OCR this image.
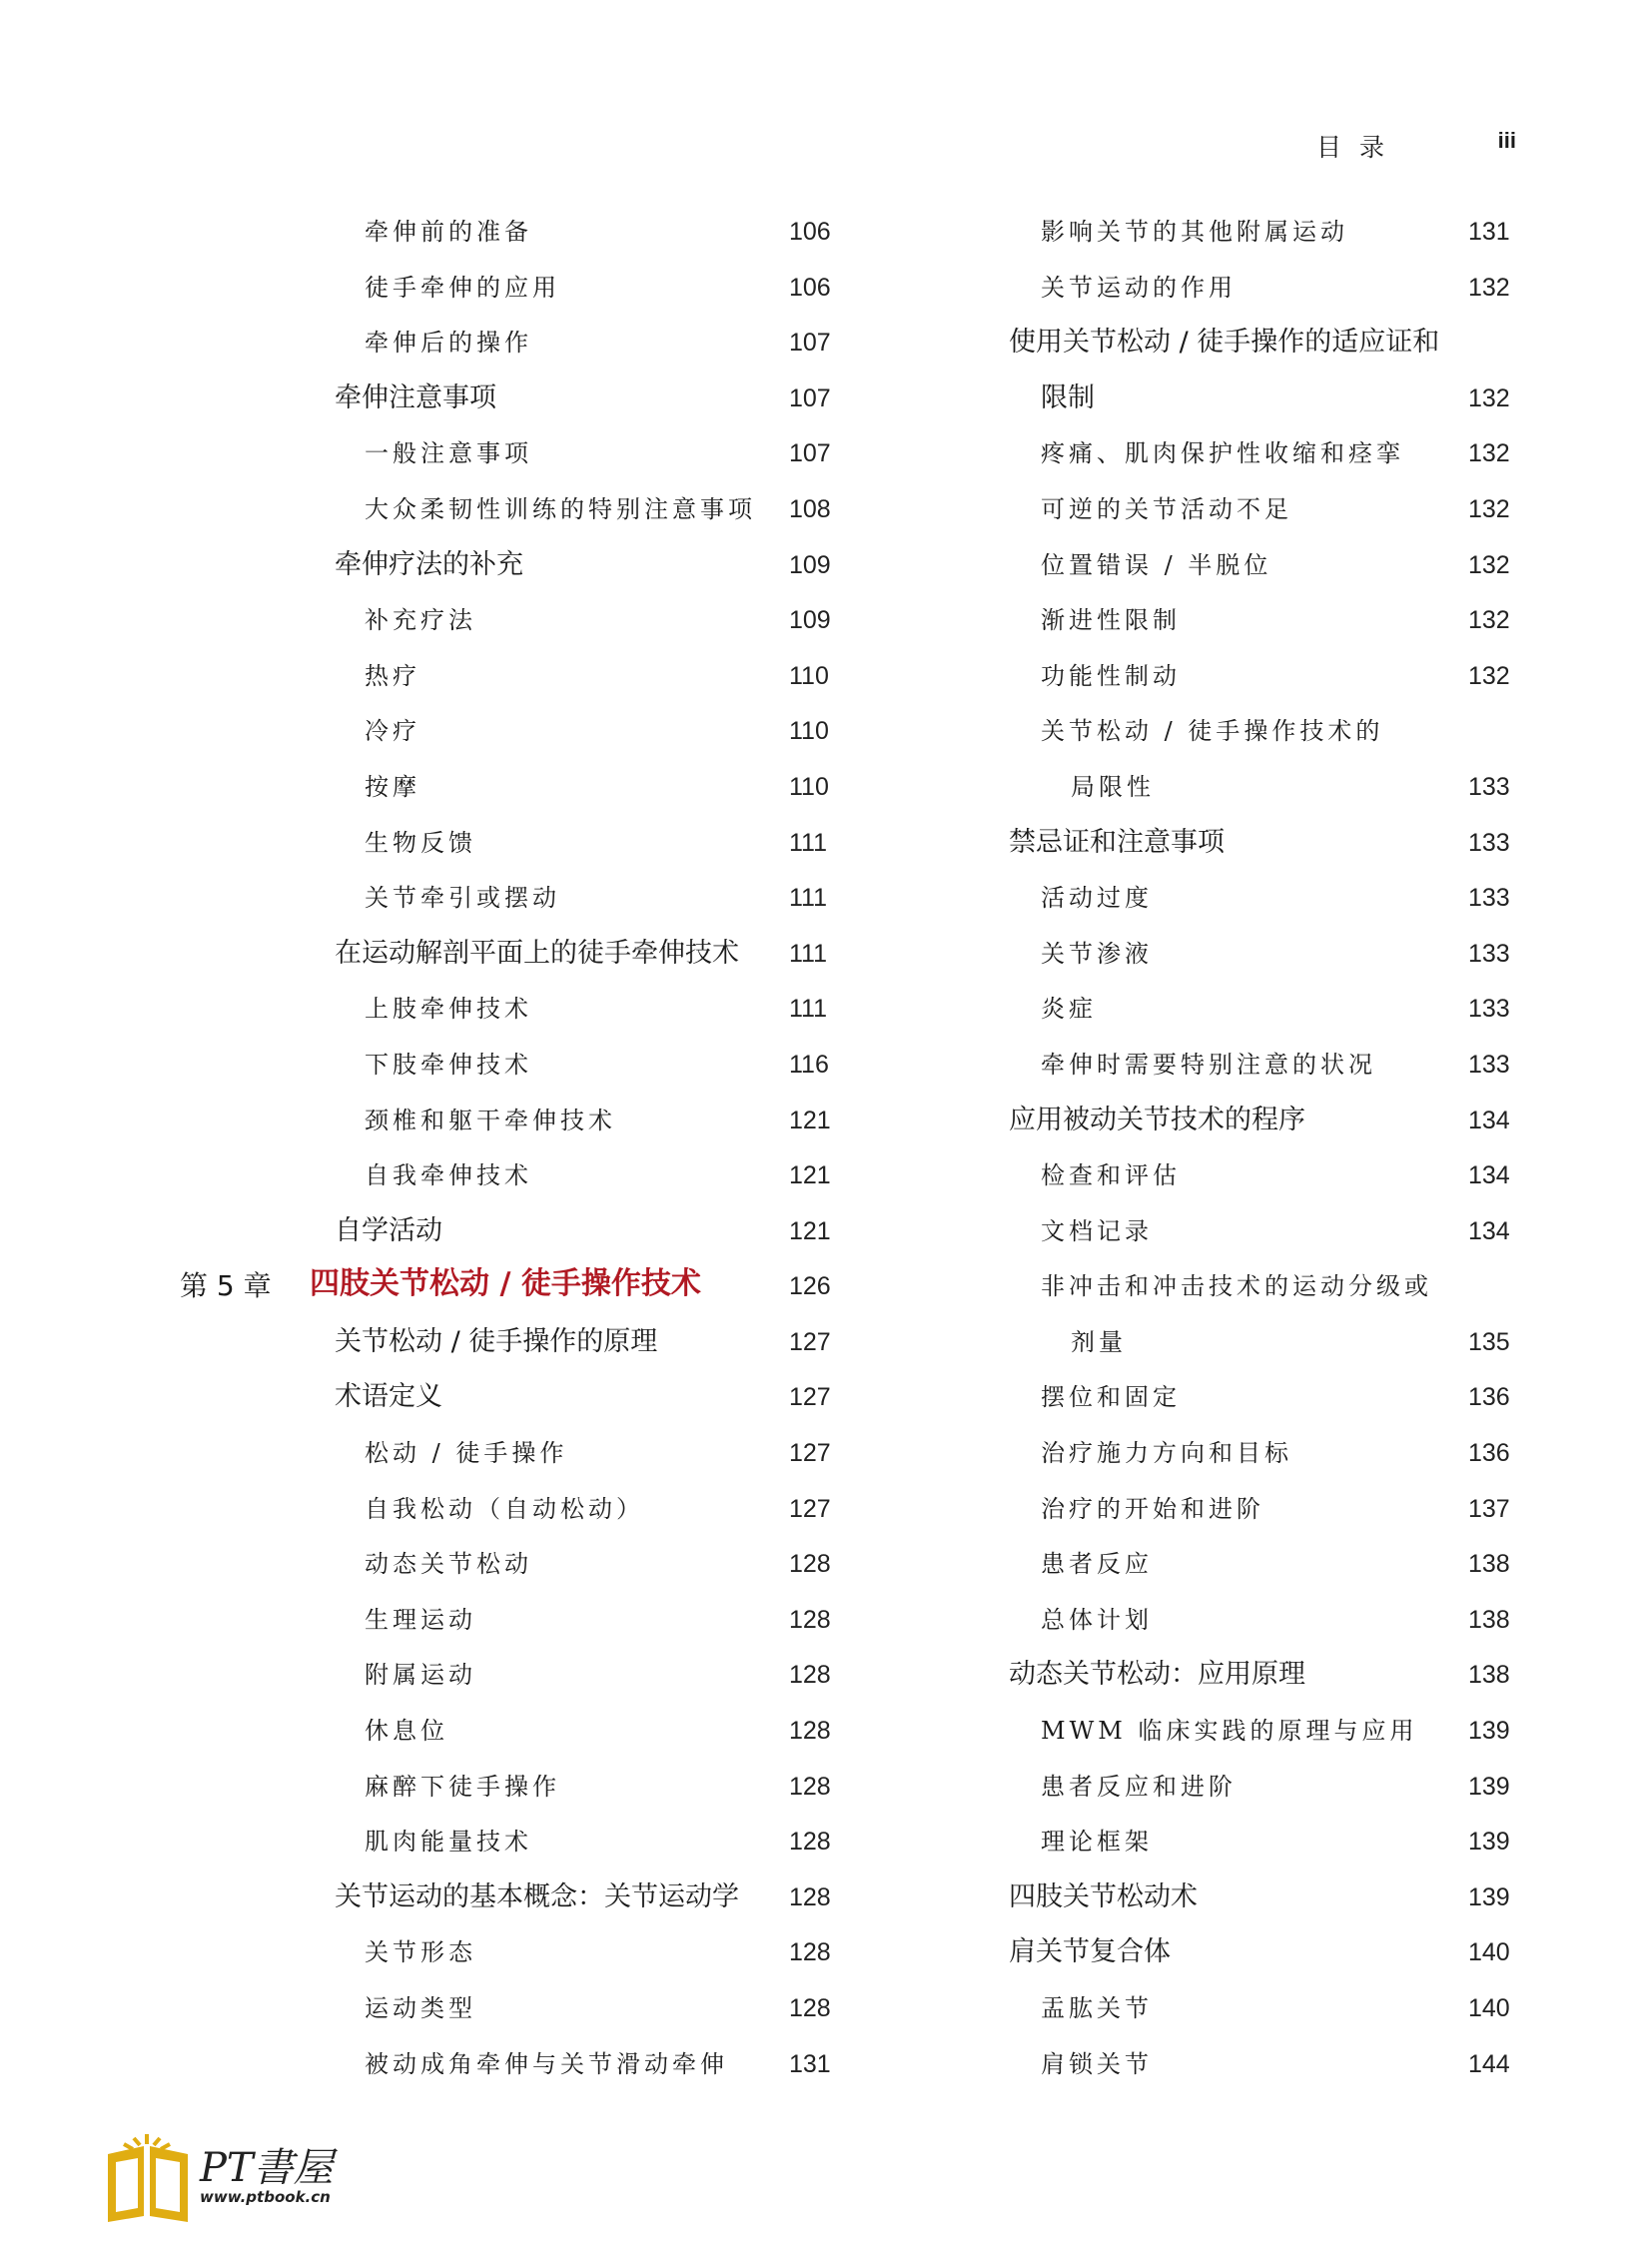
目录	iii
牵伸前的准备	106
徒手牵伸的应用	106
牵伸后的操作	107
牵伸注意事项	107
一般注意事项	107
大众柔韧性训练的特别注意事项 108
牵伸疗法的补充	109
补充疗法	109
热疗	110
冷疗	110
按摩	110
生物反馈	111
关节牵引或摆动	111
在运动解剖平面上的徒手牵伸技术 111
上肢牵伸技术	111
下肢牵伸技术	116
颈椎和躯干牵伸技术	121
自我牵伸技术	121
自学活动	121
第 5 章 四肢关节松动 / 徒手操作技术	126
关节松动 / 徒手操作的原理	127
术语定义	127
松动 / 徒手操作	127
自我松动（自动松动）	127
动态关节松动	128
生理运动	128
附属运动	128
休息位	128
麻醉下徒手操作	128
肌肉能量技术	128
关节运动的基本概念：关节运动学 128
关节形态	128
运动类型	128
被动成角牵伸与关节滑动牵伸 131
影响关节的其他附属运动	131
关节运动的作用	132
使用关节松动 / 徒手操作的适应证和
限制	132
疼痛、肌肉保护性收缩和痉挛	132
可逆的关节活动不足	132
位置错误 / 半脱位	132
渐进性限制	132
功能性制动	132
关节松动 / 徒手操作技术的
局限性	133
禁忌证和注意事项	133
活动过度	133
关节渗液	133
炎症	133
牵伸时需要特别注意的状况	133
应用被动关节技术的程序	134
检查和评估	134
文档记录	134
非冲击和冲击技术的运动分级或
剂量	135
摆位和固定	136
治疗施力方向和目标	136
治疗的开始和进阶	137
患者反应	138
总体计划	138
动态关节松动：应用原理	138
MWM 临床实践的原理与应用 139
患者反应和进阶	139
理论框架	139
四肢关节松动术	139
肩关节复合体	140
盂肱关节	140
肩锁关节	144
PT書屋
www.ptbook.cn
